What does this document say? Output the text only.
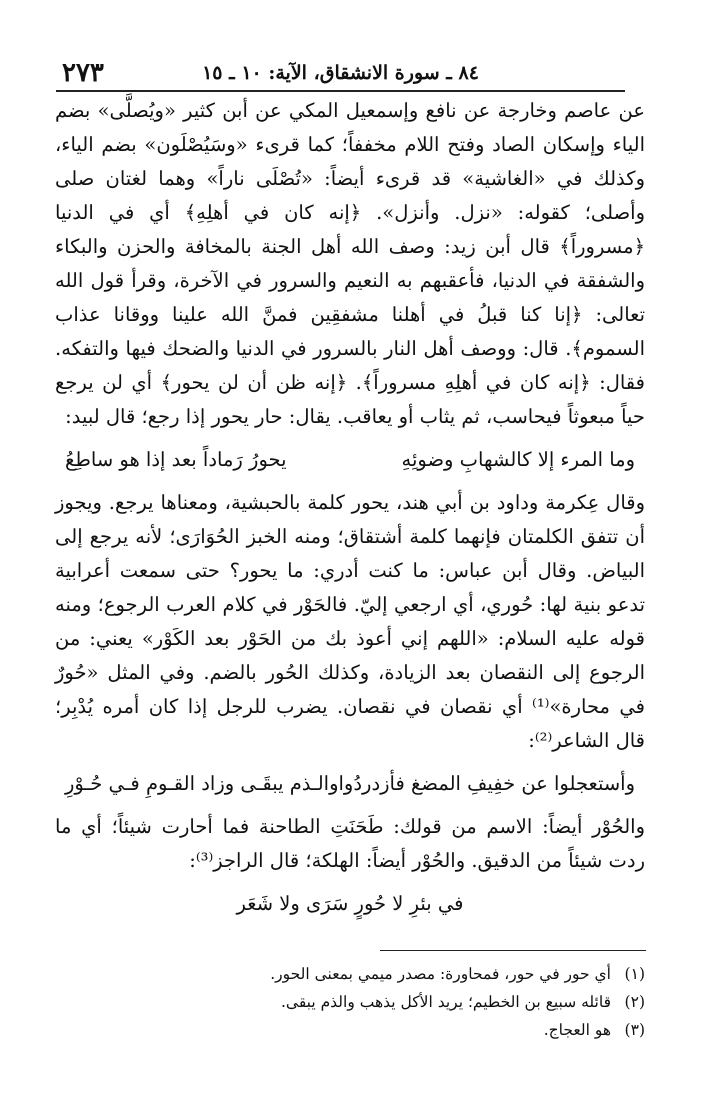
٢٧٣	٨٤ ـ سورة الانشقاق، الآية: ١٠ ـ ١٥

عن عاصم وخارجة عن نافع وإسمعيل المكي عن أبن كثير «ويُصلَّى» بضم الياء وإسكان الصاد وفتح اللام مخففاً؛ كما قرىء «وسَيُصْلَون» بضم الياء، وكذلك في «الغاشية» قد قرىء أيضاً: «تُصْلَى ناراً» وهما لغتان صلى وأصلى؛ كقوله: «نزل. وأنزل». ﴿إنه كان في أهلِهِ﴾ أي في الدنيا ﴿مسروراً﴾ قال أبن زيد: وصف الله أهل الجنة بالمخافة والحزن والبكاء والشفقة في الدنيا، فأعقبهم به النعيم والسرور في الآخرة، وقرأ قول الله تعالى: ﴿إنا كنا قبلُ في أهلنا مشفقِين فمنَّ الله علينا ووقانا عذاب السموم﴾. قال: ووصف أهل النار بالسرور في الدنيا والضحك فيها والتفكه. فقال: ﴿إنه كان في أهلِهِ مسروراً﴾. ﴿إنه ظن أن لن يحور﴾ أي لن يرجع حياً مبعوثاً فيحاسب، ثم يثاب أو يعاقب. يقال: حار يحور إذا رجع؛ قال لبيد:

وما المرء إلا كالشهابِ وضوئِهِ
يحورُ رَماداً بعد إذا هو ساطِعُ

وقال عِكرمة وداود بن أبي هند، يحور كلمة بالحبشية، ومعناها يرجع. ويجوز أن تتفق الكلمتان فإنهما كلمة أشتقاق؛ ومنه الخبز الحُوَارَى؛ لأنه يرجع إلى البياض. وقال أبن عباس: ما كنت أدري: ما يحور؟ حتى سمعت أعرابية تدعو بنية لها: حُوري، أي ارجعي إليّ. فالحَوْر في كلام العرب الرجوع؛ ومنه قوله عليه السلام: «اللهم إني أعوذ بك من الحَوْر بعد الكَوْر» يعني: من الرجوع إلى النقصان بعد الزيادة، وكذلك الحُور بالضم. وفي المثل «حُورٌ في محارة»⁽¹⁾ أي نقصان في نقصان. يضرب للرجل إذا كان أمره يُدْبِر؛ قال الشاعر⁽²⁾:

وأستعجلوا عن خفِيفِ المضغ فأزدردُوا
والـذم يبقَـى وزاد القـومِ فـي حُـوْرِ

والحُوْر أيضاً: الاسم من قولك: طَحَنَتِ الطاحنة فما أحارت شيئاً؛ أي ما ردت شيئاً من الدقيق. والحُوْر أيضاً: الهلكة؛ قال الراجز⁽³⁾:

في بئرِ لا حُورٍ سَرَى ولا شَعَر
(١)
أي حور في حور، فمحاورة: مصدر ميمي بمعنى الحور.
(٢)
قائله سبيع بن الخطيم؛ يريد الأكل يذهب والذم يبقى.
(٣)
هو العجاج.
